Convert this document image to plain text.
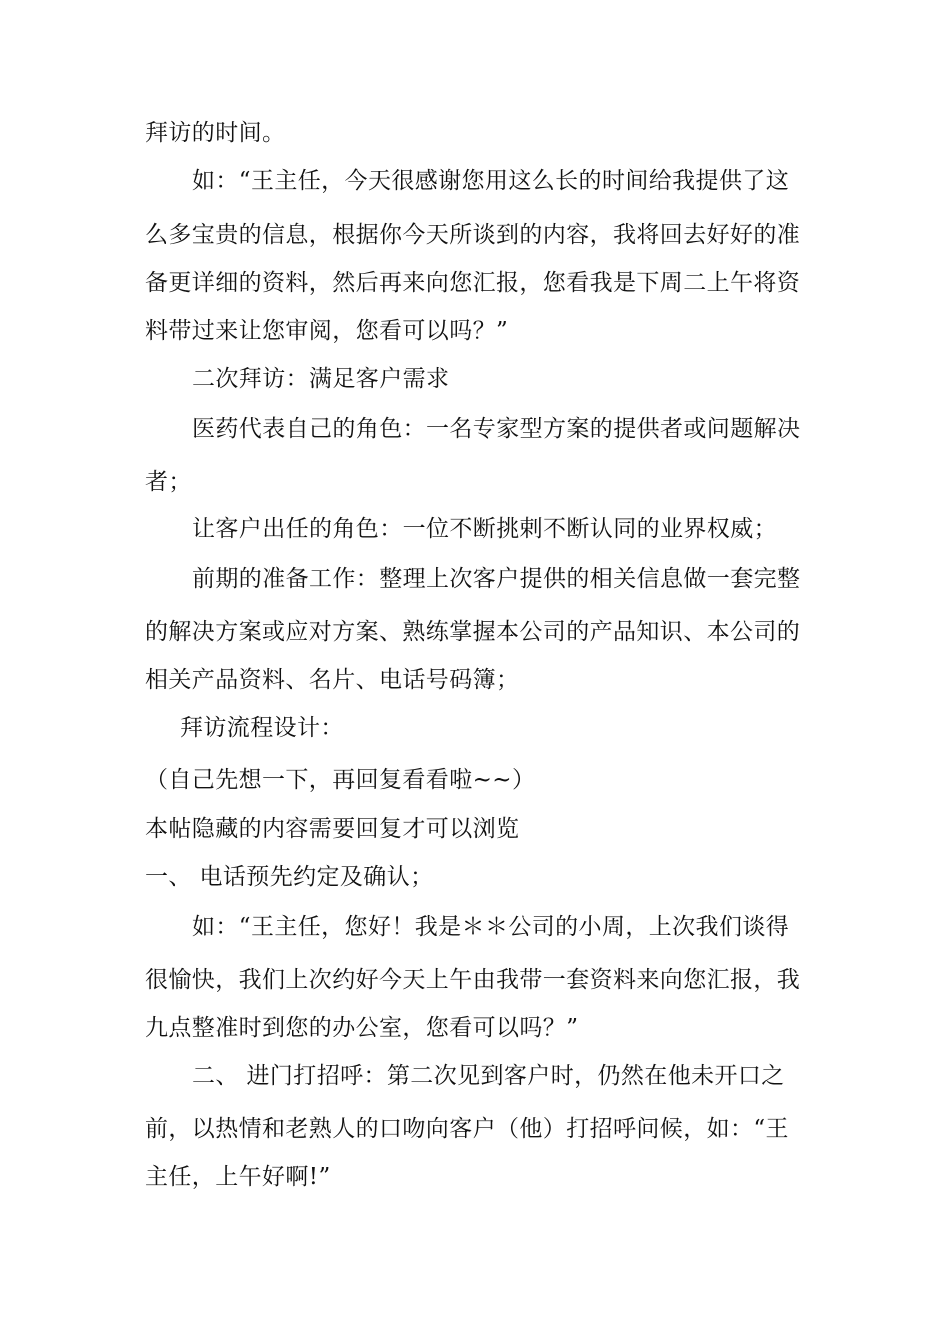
拜访的时间。
如：“王主任，今天很感谢您用这么长的时间给我提供了这
么多宝贵的信息，根据你今天所谈到的内容，我将回去好好的准
备更详细的资料，然后再来向您汇报，您看我是下周二上午将资
料带过来让您审阅，您看可以吗？”
二次拜访：满足客户需求
医药代表自己的角色：一名专家型方案的提供者或问题解决
者；
让客户出任的角色：一位不断挑剌不断认同的业界权威；
前期的准备工作：整理上次客户提供的相关信息做一套完整
的解决方案或应对方案、熟练掌握本公司的产品知识、本公司的
相关产品资料、名片、电话号码簿；
拜访流程设计：
（自己先想一下，再回复看看啦~~）
本帖隐藏的内容需要回复才可以浏览
一、 电话预先约定及确认；
如：“王主任，您好！我是＊＊公司的小周，上次我们谈得
很愉快，我们上次约好今天上午由我带一套资料来向您汇报，我
九点整准时到您的办公室，您看可以吗？”
二、 进门打招呼：第二次见到客户时，仍然在他未开口之
前，以热情和老熟人的口吻向客户（他）打招呼问候，如：“王
主任，上午好啊!”
